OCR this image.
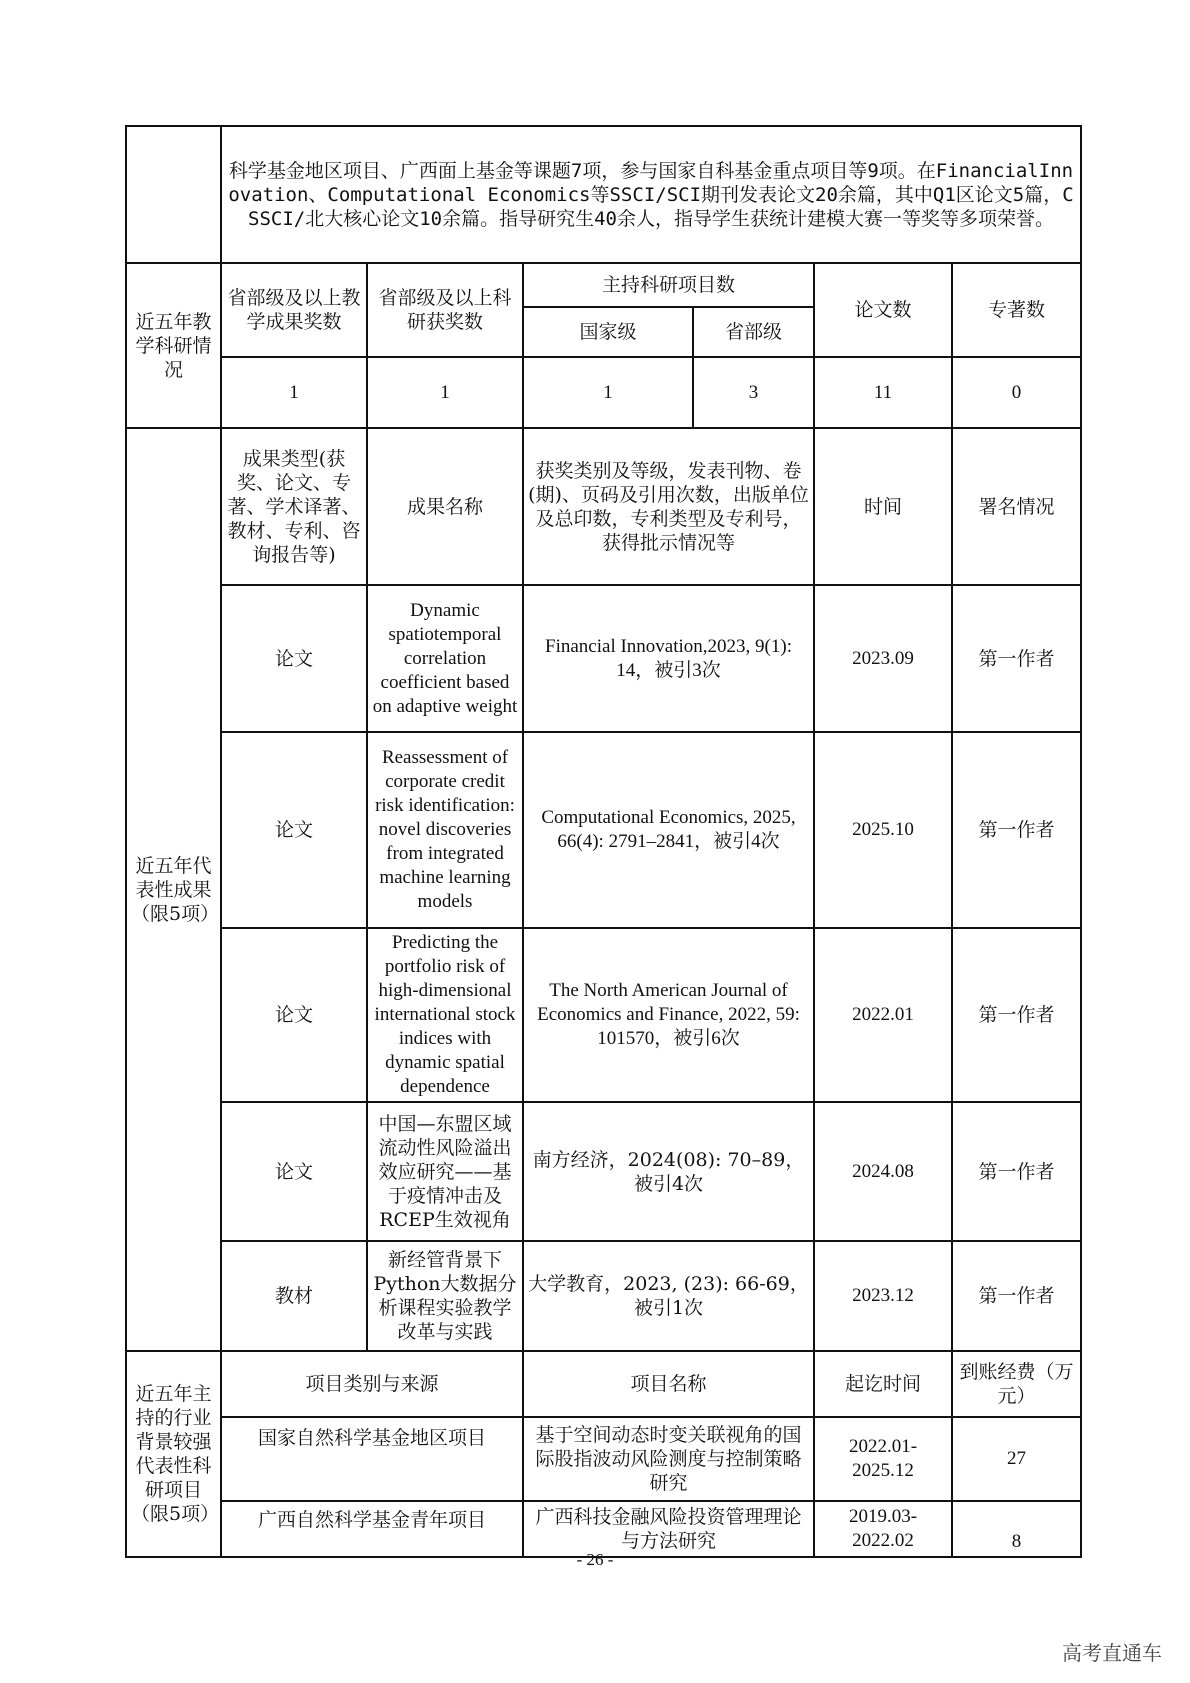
	科学基金地区项目、广西面上基金等课题7项，参与国家自科基金重点项目等9项。在FinancialInnovation、Computational Economics等SSCI/SCI期刊发表论文20余篇，其中Q1区论文5篇，CSSCI/北大核心论文10余篇。指导研究生40余人，指导学生获统计建模大赛一等奖等多项荣誉。					
近五年教学科研情况	省部级及以上教学成果奖数	省部级及以上科研获奖数	主持科研项目数		论文数	专著数
			国家级	省部级		
	1	1	1	3	11	0
近五年代表性成果（限5项）	成果类型(获奖、论文、专著、学术译著、教材、专利、咨询报告等)	成果名称	获奖类别及等级，发表刊物、卷(期)、页码及引用次数，出版单位及总印数，专利类型及专利号，获得批示情况等		时间	署名情况
	论文	Dynamic spatiotemporal correlation coefficient based on adaptive weight	Financial Innovation,2023, 9(1): 14，被引3次		2023.09	第一作者
	论文	Reassessment of corporate credit risk identification: novel discoveries from integrated machine learning models	Computational Economics, 2025, 66(4): 2791–2841，被引4次		2025.10	第一作者
	论文	Predicting the portfolio risk of high-dimensional international stock indices with dynamic spatial dependence	The North American Journal of Economics and Finance, 2022, 59: 101570，被引6次		2022.01	第一作者
	论文	中国—东盟区域流动性风险溢出效应研究——基于疫情冲击及RCEP生效视角	南方经济，2024(08): 70–89，被引4次		2024.08	第一作者
	教材	新经管背景下Python大数据分析课程实验教学改革与实践	大学教育，2023, (23): 66-69，被引1次		2023.12	第一作者
近五年主持的行业背景较强代表性科研项目（限5项）	项目类别与来源		项目名称		起讫时间	到账经费（万元）
	国家自然科学基金地区项目		基于空间动态时变关联视角的国际股指波动风险测度与控制策略研究		2022.01-2025.12	27
	广西自然科学基金青年项目		广西科技金融风险投资管理理论与方法研究		2019.03-2022.02	8
- 26 -
高考直通车
